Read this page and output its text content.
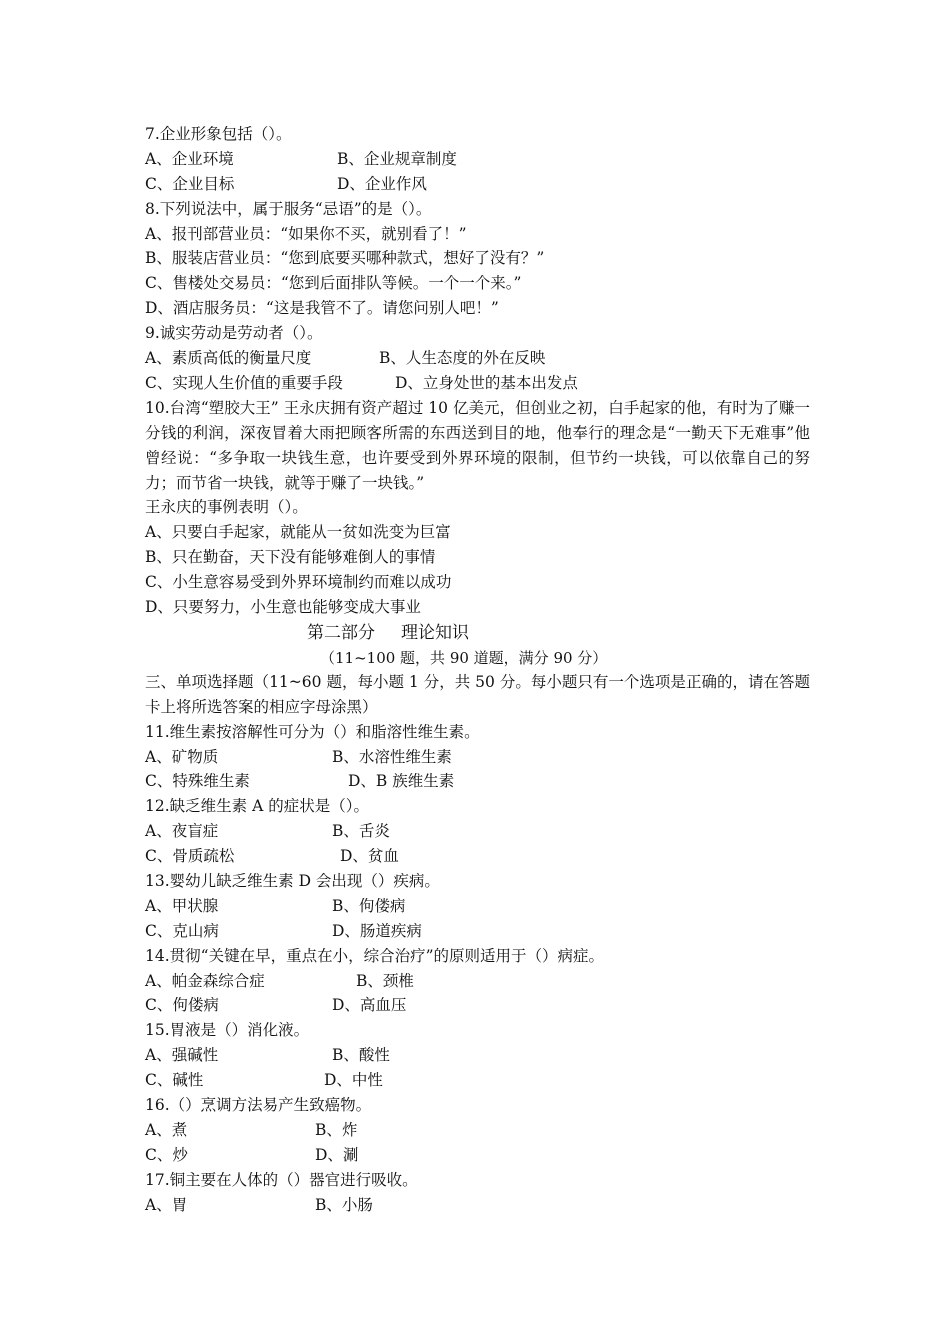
7.企业形象包括（）。
A、企业环境	B、企业规章制度
C、企业目标	D、企业作风
8.下列说法中，属于服务“忌语”的是（）。
A、报刊部营业员：“如果你不买，就别看了！”
B、服装店营业员：“您到底要买哪种款式，想好了没有？”
C、售楼处交易员：“您到后面排队等候。一个一个来。”
D、酒店服务员：“这是我管不了。请您问别人吧！”
9.诚实劳动是劳动者（）。
A、素质高低的衡量尺度	B、人生态度的外在反映
C、实现人生价值的重要手段	D、立身处世的基本出发点
10.台湾“塑胶大王” 王永庆拥有资产超过 10 亿美元，但创业之初，白手起家的他，有时为了赚一分钱的利润，深夜冒着大雨把顾客所需的东西送到目的地，他奉行的理念是“一勤天下无难事”他曾经说：“多争取一块钱生意，也许要受到外界环境的限制，但节约一块钱，可以依靠自己的努力；而节省一块钱，就等于赚了一块钱。”
王永庆的事例表明（）。
A、只要白手起家，就能从一贫如洗变为巨富
B、只在勤奋，天下没有能够难倒人的事情
C、小生意容易受到外界环境制约而难以成功
D、只要努力，小生意也能够变成大事业
第二部分 理论知识
（11~100 题，共 90 道题，满分 90 分）
三、单项选择题（11~60 题，每小题 1 分，共 50 分。每小题只有一个选项是正确的，请在答题卡上将所选答案的相应字母涂黑）
11.维生素按溶解性可分为（）和脂溶性维生素。
A、矿物质	B、水溶性维生素
C、特殊维生素	D、B 族维生素
12.缺乏维生素 A 的症状是（）。
A、夜盲症	B、舌炎
C、骨质疏松	D、贫血
13.婴幼儿缺乏维生素 D 会出现（）疾病。
A、甲状腺	B、佝偻病
C、克山病	D、肠道疾病
14.贯彻“关键在早，重点在小，综合治疗”的原则适用于（）病症。
A、帕金森综合症	B、颈椎
C、佝偻病	D、高血压
15.胃液是（）消化液。
A、强碱性	B、酸性
C、碱性	D、中性
16.（）烹调方法易产生致癌物。
A、煮	B、炸
C、炒	D、涮
17.铜主要在人体的（）器官进行吸收。
A、胃	B、小肠
